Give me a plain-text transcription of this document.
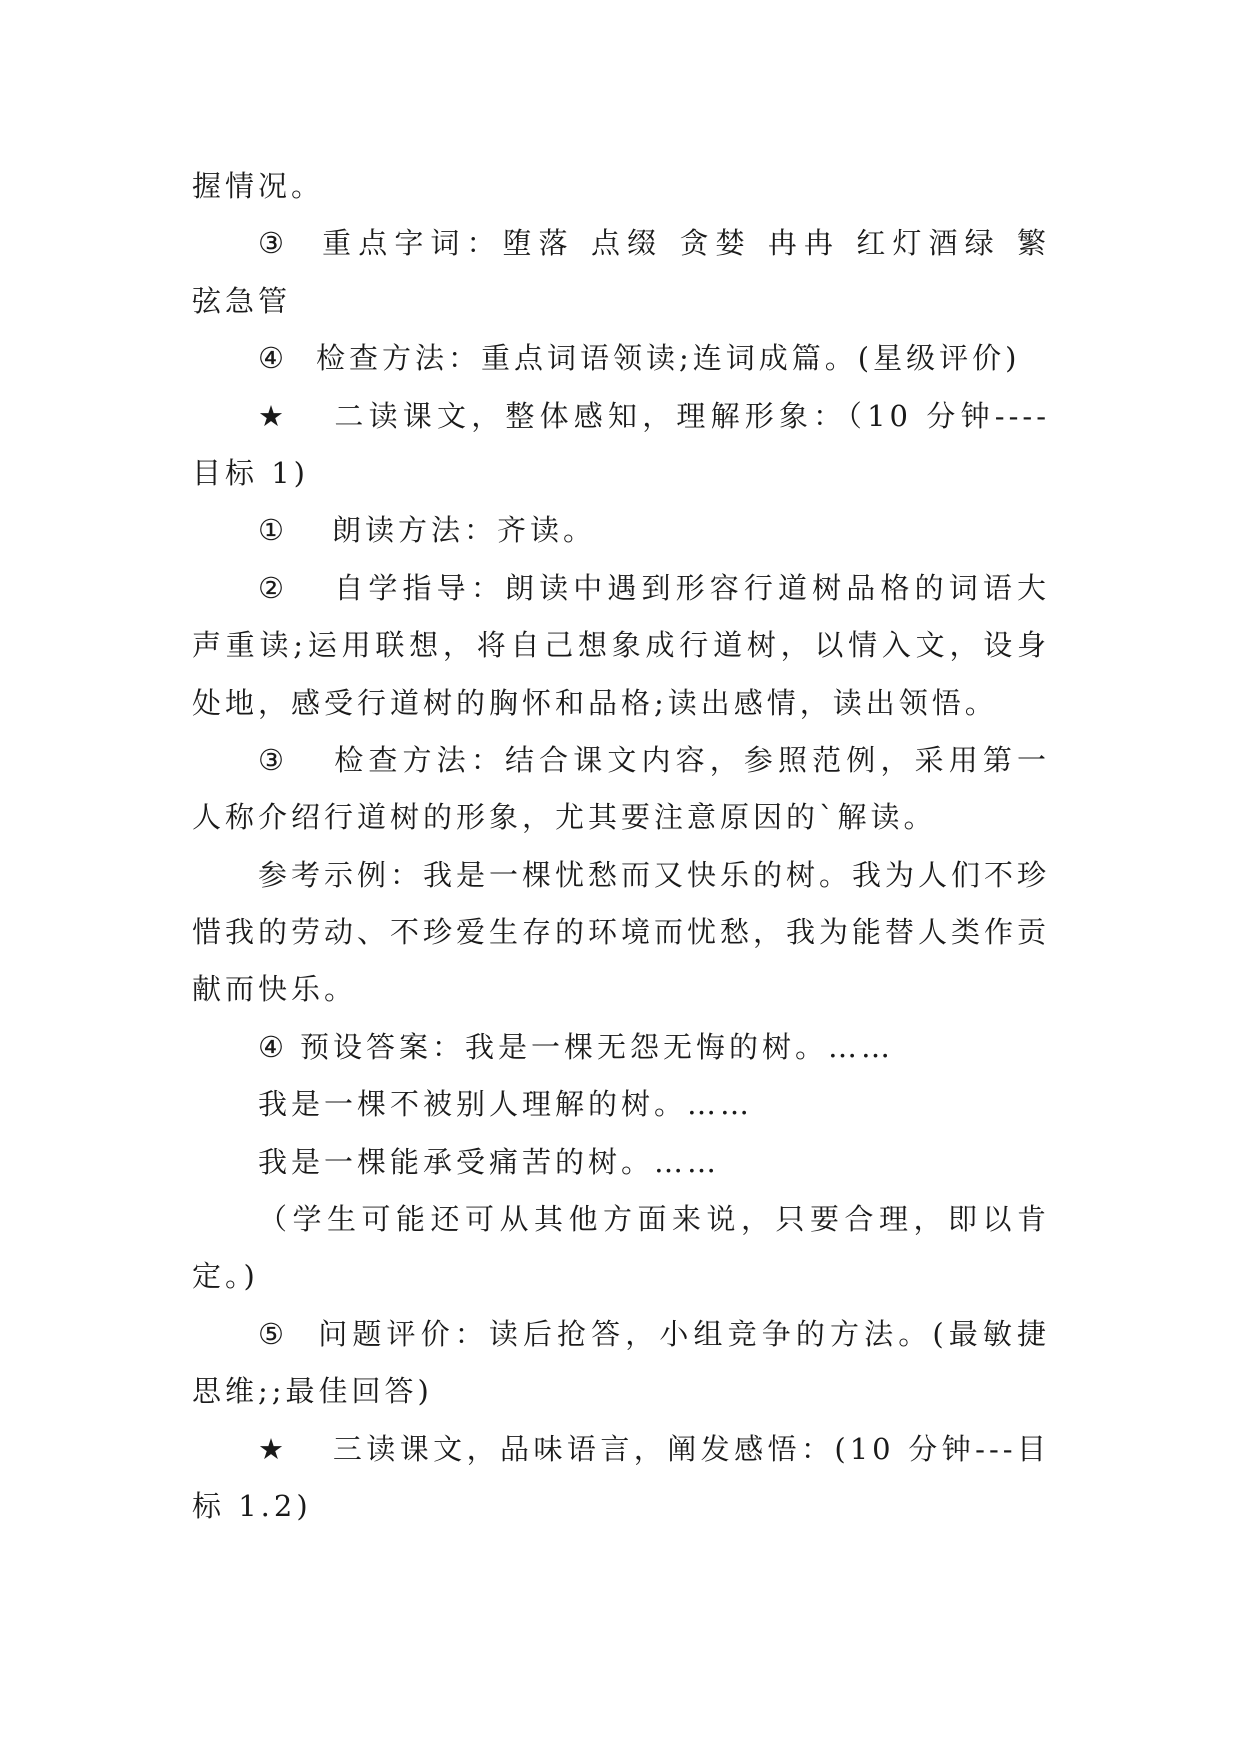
握情况。
③ 重点字词：堕落 点缀 贪婪 冉冉 红灯酒绿 繁
弦急管
④ 检查方法：重点词语领读;连词成篇。(星级评价)
★ 二读课文，整体感知，理解形象：（10 分钟----
目标 1)
① 朗读方法：齐读。
② 自学指导：朗读中遇到形容行道树品格的词语大
声重读;运用联想，将自己想象成行道树，以情入文，设身
处地，感受行道树的胸怀和品格;读出感情，读出领悟。
③ 检查方法：结合课文内容，参照范例，采用第一
人称介绍行道树的形象，尤其要注意原因的`解读。
参考示例：我是一棵忧愁而又快乐的树。我为人们不珍
惜我的劳动、不珍爱生存的环境而忧愁，我为能替人类作贡
献而快乐。
④ 预设答案：我是一棵无怨无悔的树。……
我是一棵不被别人理解的树。……
我是一棵能承受痛苦的树。……
（学生可能还可从其他方面来说，只要合理，即以肯
定。)
⑤ 问题评价：读后抢答，小组竞争的方法。(最敏捷
思维;;最佳回答)
★ 三读课文，品味语言，阐发感悟：(10 分钟---目
标 1.2)
